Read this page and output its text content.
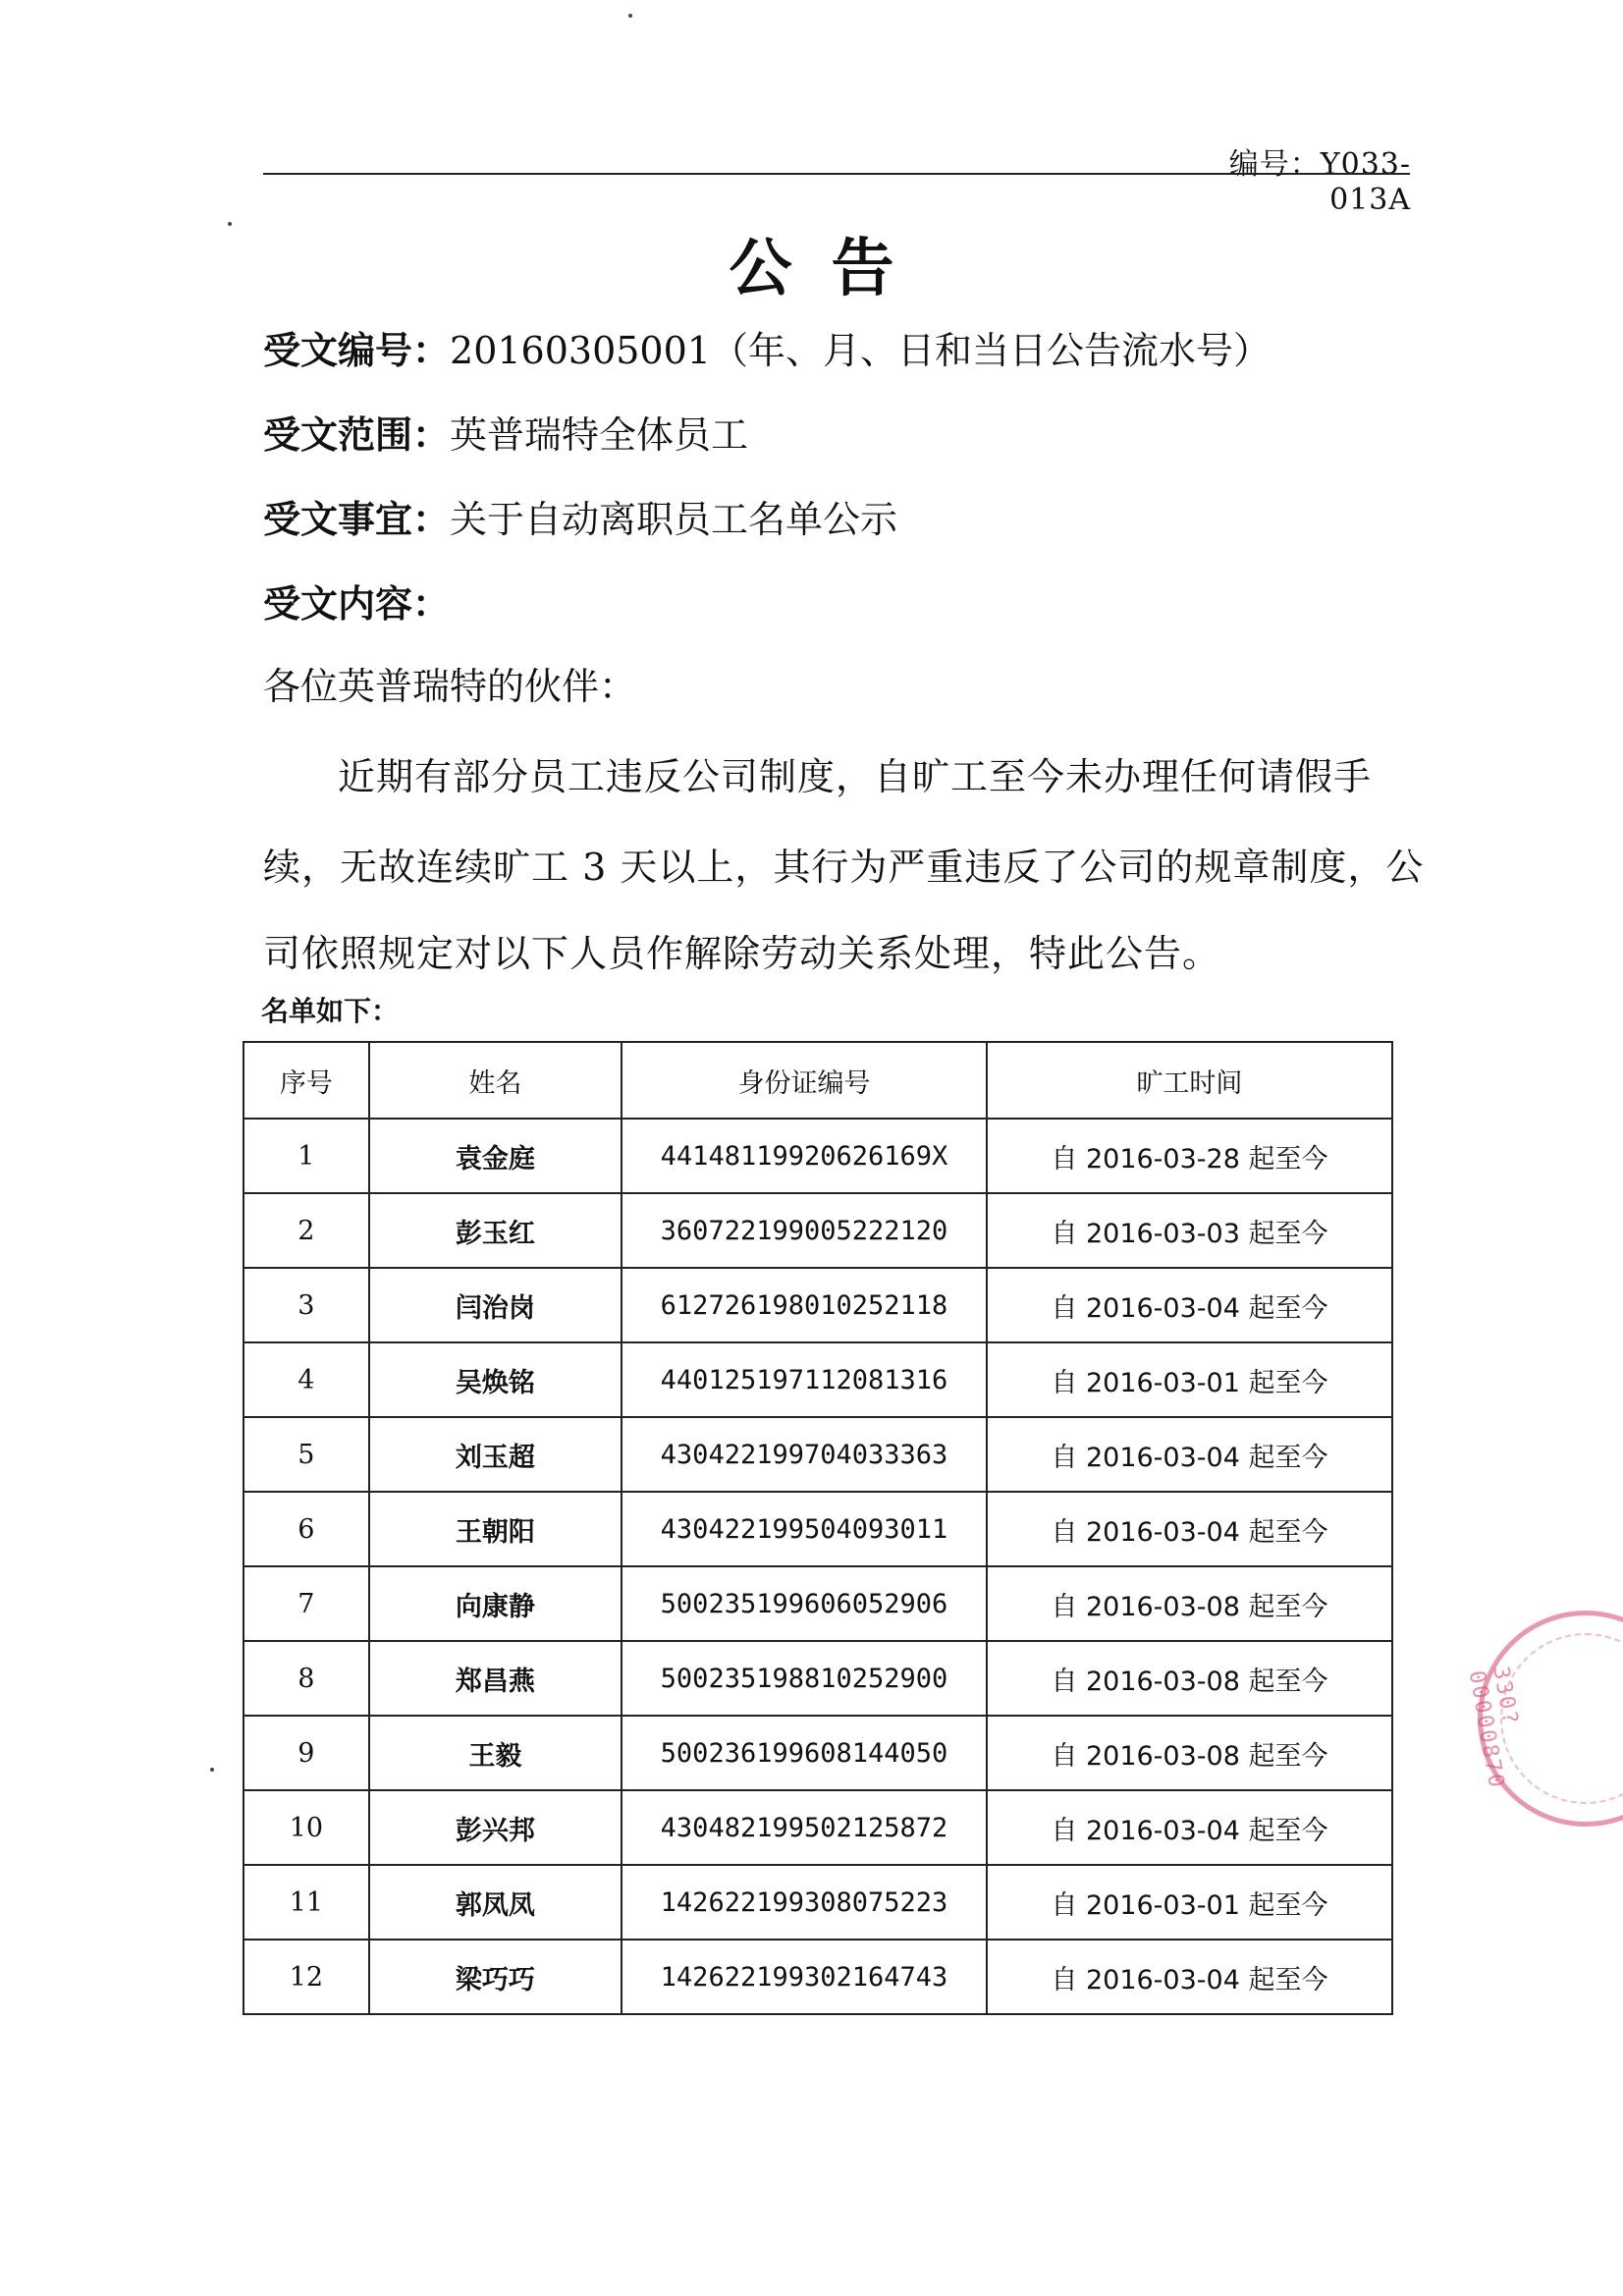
编号：Y033-013A
公告
受文编号：20160305001（年、月、日和当日公告流水号）
受文范围：英普瑞特全体员工
受文事宜：关于自动离职员工名单公示
受文内容：
各位英普瑞特的伙伴：
近期有部分员工违反公司制度，自旷工至今未办理任何请假手
续，无故连续旷工 3 天以上，其行为严重违反了公司的规章制度，公
司依照规定对以下人员作解除劳动关系处理，特此公告。
名单如下：
序号	姓名	身份证编号	旷工时间
1	袁金庭	44148119920626169X	自 2016-03-28 起至今
2	彭玉红	360722199005222120	自 2016-03-03 起至今
3	闫治岗	612726198010252118	自 2016-03-04 起至今
4	吴焕铭	440125197112081316	自 2016-03-01 起至今
5	刘玉超	430422199704033363	自 2016-03-04 起至今
6	王朝阳	430422199504093011	自 2016-03-04 起至今
7	向康静	500235199606052906	自 2016-03-08 起至今
8	郑昌燕	500235198810252900	自 2016-03-08 起至今
9	王毅	500236199608144050	自 2016-03-08 起至今
10	彭兴邦	430482199502125872	自 2016-03-04 起至今
11	郭凤凤	142622199308075223	自 2016-03-01 起至今
12	梁巧巧	142622199302164743	自 2016-03-04 起至今
330?00000870
